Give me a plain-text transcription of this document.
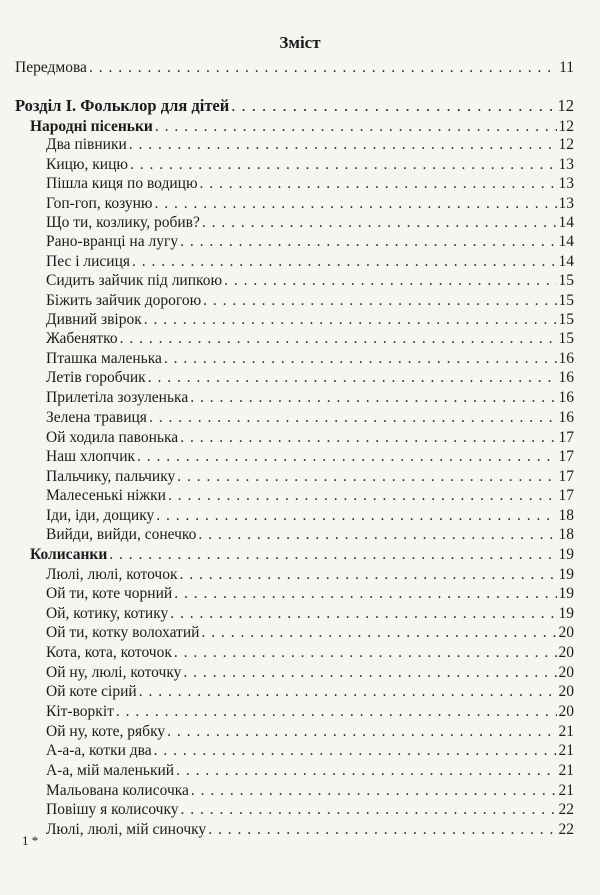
Зміст
Передмова . . .	11
Розділ І. Фольклор для дітей . . .	12
Народні пісеньки . . .	12
Два півники . . .	12
Кицю, кицю . . .	13
Пішла киця по водицю . . .	13
Гоп-гоп, козуню . . .	13
Що ти, козлику, робив? . . .	14
Рано-вранці на лугу . . .	14
Пес і лисиця . . .	14
Сидить зайчик під липкою . . .	15
Біжить зайчик дорогою . . .	15
Дивний звірок . . .	15
Жабенятко . . .	15
Пташка маленька . . .	16
Летів горобчик . . .	16
Прилетіла зозуленька . . .	16
Зелена травиця . . .	16
Ой ходила павонька . . .	17
Наш хлопчик . . .	17
Пальчику, пальчику . . .	17
Малесенькі ніжки . . .	17
Іди, іди, дощику . . .	18
Вийди, вийди, сонечко . . .	18
Колисанки . . .	19
Люлі, люлі, коточок . . .	19
Ой ти, коте чорний . . .	19
Ой, котику, котику . . .	19
Ой ти, котку волохатий . . .	20
Кота, кота, коточок . . .	20
Ой ну, люлі, коточку . . .	20
Ой коте сірий . . .	20
Кіт-воркіт . . .	20
Ой ну, коте, рябку . . .	21
А-а-а, котки два . . .	21
А-а, мій маленький . . .	21
Мальована колисочка . . .	21
Повішу я колисочку . . .	22
Люлі, люлі, мій синочку . . .	22
1 *
